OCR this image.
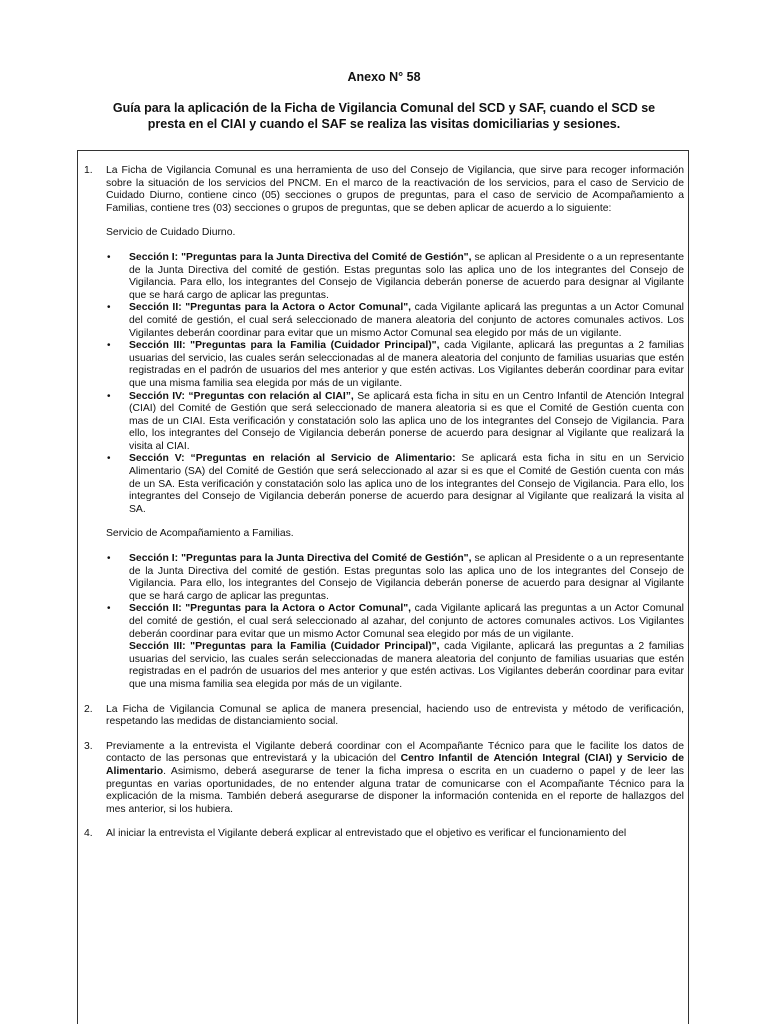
Anexo N° 58
Guía para la aplicación de la Ficha de Vigilancia Comunal del SCD y SAF, cuando el SCD se presta en el CIAI y cuando el SAF se realiza las visitas domiciliarias y sesiones.
1. La Ficha de Vigilancia Comunal es una herramienta de uso del Consejo de Vigilancia, que sirve para recoger información sobre la situación de los servicios del PNCM. En el marco de la reactivación de los servicios, para el caso de Servicio de Cuidado Diurno, contiene cinco (05) secciones o grupos de preguntas, para el caso de servicio de Acompañamiento a Familias, contiene tres (03) secciones o grupos de preguntas, que se deben aplicar de acuerdo a lo siguiente:

Servicio de Cuidado Diurno.

• Sección I: "Preguntas para la Junta Directiva del Comité de Gestión", se aplican al Presidente o a un representante de la Junta Directiva del comité de gestión. Estas preguntas solo las aplica uno de los integrantes del Consejo de Vigilancia. Para ello, los integrantes del Consejo de Vigilancia deberán ponerse de acuerdo para designar al Vigilante que se hará cargo de aplicar las preguntas.
• Sección II: "Preguntas para la Actora o Actor Comunal", cada Vigilante aplicará las preguntas a un Actor Comunal del comité de gestión, el cual será seleccionado de manera aleatoria del conjunto de actores comunales activos. Los Vigilantes deberán coordinar para evitar que un mismo Actor Comunal sea elegido por más de un vigilante.
• Sección III: "Preguntas para la Familia (Cuidador Principal)", cada Vigilante, aplicará las preguntas a 2 familias usuarias del servicio, las cuales serán seleccionadas al de manera aleatoria del conjunto de familias usuarias que estén registradas en el padrón de usuarios del mes anterior y que estén activas. Los Vigilantes deberán coordinar para evitar que una misma familia sea elegida por más de un vigilante.
• Sección IV: “Preguntas con relación al CIAI”, Se aplicará esta ficha in situ en un Centro Infantil de Atención Integral (CIAI) del Comité de Gestión que será seleccionado de manera aleatoria si es que el Comité de Gestión cuenta con mas de un CIAI. Esta verificación y constatación solo las aplica uno de los integrantes del Consejo de Vigilancia. Para ello, los integrantes del Consejo de Vigilancia deberán ponerse de acuerdo para designar al Vigilante que realizará la visita al CIAI.
• Sección V: “Preguntas en relación al Servicio de Alimentario: Se aplicará esta ficha in situ en un Servicio Alimentario (SA) del Comité de Gestión que será seleccionado al azar si es que el Comité de Gestión cuenta con más de un SA. Esta verificación y constatación solo las aplica uno de los integrantes del Consejo de Vigilancia. Para ello, los integrantes del Consejo de Vigilancia deberán ponerse de acuerdo para designar al Vigilante que realizará la visita al SA.

Servicio de Acompañamiento a Familias.

• Sección I: "Preguntas para la Junta Directiva del Comité de Gestión", se aplican al Presidente o a un representante de la Junta Directiva del comité de gestión. Estas preguntas solo las aplica uno de los integrantes del Consejo de Vigilancia. Para ello, los integrantes del Consejo de Vigilancia deberán ponerse de acuerdo para designar al Vigilante que se hará cargo de aplicar las preguntas.
• Sección II: "Preguntas para la Actora o Actor Comunal", cada Vigilante aplicará las preguntas a un Actor Comunal del comité de gestión, el cual será seleccionado al azahar, del conjunto de actores comunales activos. Los Vigilantes deberán coordinar para evitar que un mismo Actor Comunal sea elegido por más de un vigilante.
Sección III: "Preguntas para la Familia (Cuidador Principal)", cada Vigilante, aplicará las preguntas a 2 familias usuarias del servicio, las cuales serán seleccionadas de manera aleatoria del conjunto de familias usuarias que estén registradas en el padrón de usuarios del mes anterior y que estén activas. Los Vigilantes deberán coordinar para evitar que una misma familia sea elegida por más de un vigilante.
2. La Ficha de Vigilancia Comunal se aplica de manera presencial, haciendo uso de entrevista y método de verificación, respetando las medidas de distanciamiento social.

3. Previamente a la entrevista el Vigilante deberá coordinar con el Acompañante Técnico para que le facilite los datos de contacto de las personas que entrevistará y la ubicación del Centro Infantil de Atención Integral (CIAI) y Servicio de Alimentario. Asimismo, deberá asegurarse de tener la ficha impresa o escrita en un cuaderno o papel y de leer las preguntas en varias oportunidades, de no entender alguna tratar de comunicarse con el Acompañante Técnico para la explicación de la misma. También deberá asegurarse de disponer la información contenida en el reporte de hallazgos del mes anterior, si los hubiera.

4. Al iniciar la entrevista el Vigilante deberá explicar al entrevistado que el objetivo es verificar el funcionamiento del
